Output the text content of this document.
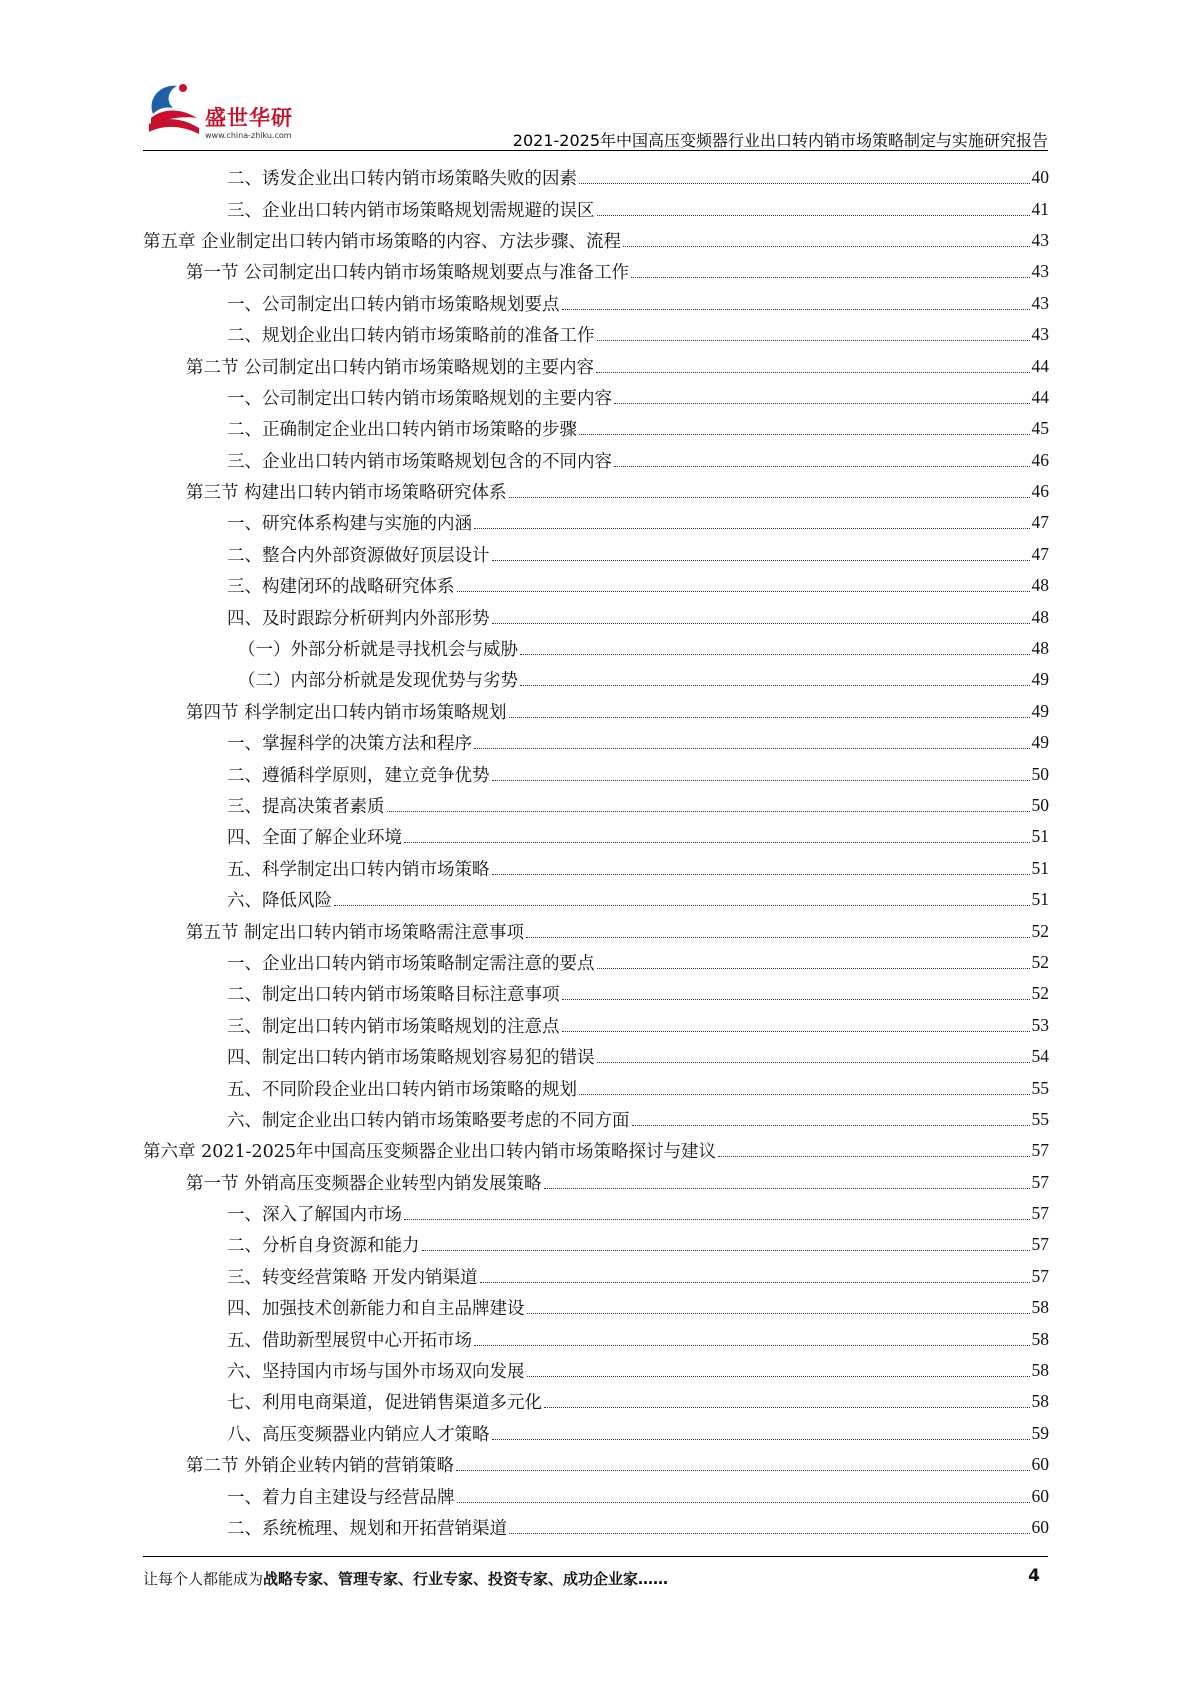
盛世华研
www.china-zhiku.com	2021-2025年中国高压变频器行业出口转内销市场策略制定与实施研究报告
二、诱发企业出口转内销市场策略失败的因素	40
三、企业出口转内销市场策略规划需规避的误区	41
第五章 企业制定出口转内销市场策略的内容、方法步骤、流程	43
第一节 公司制定出口转内销市场策略规划要点与准备工作	43
一、公司制定出口转内销市场策略规划要点	43
二、规划企业出口转内销市场策略前的准备工作	43
第二节 公司制定出口转内销市场策略规划的主要内容	44
一、公司制定出口转内销市场策略规划的主要内容	44
二、正确制定企业出口转内销市场策略的步骤	45
三、企业出口转内销市场策略规划包含的不同内容	46
第三节 构建出口转内销市场策略研究体系	46
一、研究体系构建与实施的内涵	47
二、整合内外部资源做好顶层设计	47
三、构建闭环的战略研究体系	48
四、及时跟踪分析研判内外部形势	48
（一）外部分析就是寻找机会与威胁	48
（二）内部分析就是发现优势与劣势	49
第四节 科学制定出口转内销市场策略规划	49
一、掌握科学的决策方法和程序	49
二、遵循科学原则，建立竞争优势	50
三、提高决策者素质	50
四、全面了解企业环境	51
五、科学制定出口转内销市场策略	51
六、降低风险	51
第五节 制定出口转内销市场策略需注意事项	52
一、企业出口转内销市场策略制定需注意的要点	52
二、制定出口转内销市场策略目标注意事项	52
三、制定出口转内销市场策略规划的注意点	53
四、制定出口转内销市场策略规划容易犯的错误	54
五、不同阶段企业出口转内销市场策略的规划	55
六、制定企业出口转内销市场策略要考虑的不同方面	55
第六章 2021-2025年中国高压变频器企业出口转内销市场策略探讨与建议	57
第一节 外销高压变频器企业转型内销发展策略	57
一、深入了解国内市场	57
二、分析自身资源和能力	57
三、转变经营策略 开发内销渠道	57
四、加强技术创新能力和自主品牌建设	58
五、借助新型展贸中心开拓市场	58
六、坚持国内市场与国外市场双向发展	58
七、利用电商渠道，促进销售渠道多元化	58
八、高压变频器业内销应人才策略	59
第二节 外销企业转内销的营销策略	60
一、着力自主建设与经营品牌	60
二、系统梳理、规划和开拓营销渠道	60
让每个人都能成为战略专家、管理专家、行业专家、投资专家、成功企业家……	4
